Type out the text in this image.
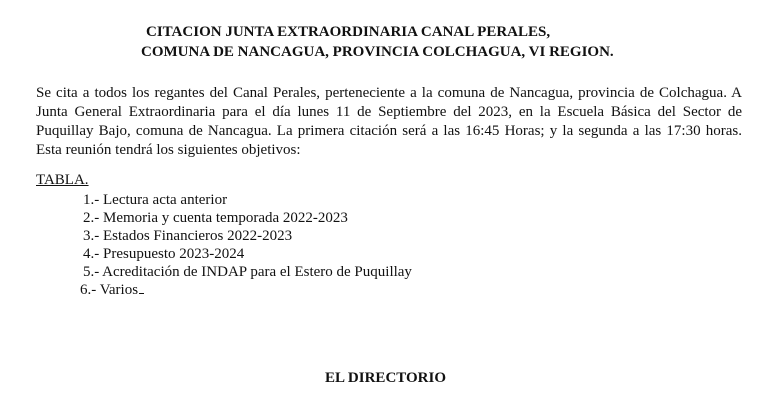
CITACION JUNTA EXTRAORDINARIA CANAL PERALES,
COMUNA DE NANCAGUA, PROVINCIA COLCHAGUA, VI REGION.
Se cita a todos los regantes del Canal Perales, perteneciente a la comuna de Nancagua, provincia de Colchagua. A Junta General Extraordinaria para el día lunes 11 de Septiembre del 2023, en la Escuela Básica del Sector de Puquillay Bajo, comuna de Nancagua. La primera citación será a las 16:45 Horas; y la segunda a las 17:30 horas. Esta reunión tendrá los siguientes objetivos:
TABLA.
1.- Lectura acta anterior
2.- Memoria y cuenta temporada 2022-2023
3.- Estados Financieros 2022-2023
4.- Presupuesto 2023-2024
5.- Acreditación de INDAP para el Estero de Puquillay
6.- Varios
EL DIRECTORIO
